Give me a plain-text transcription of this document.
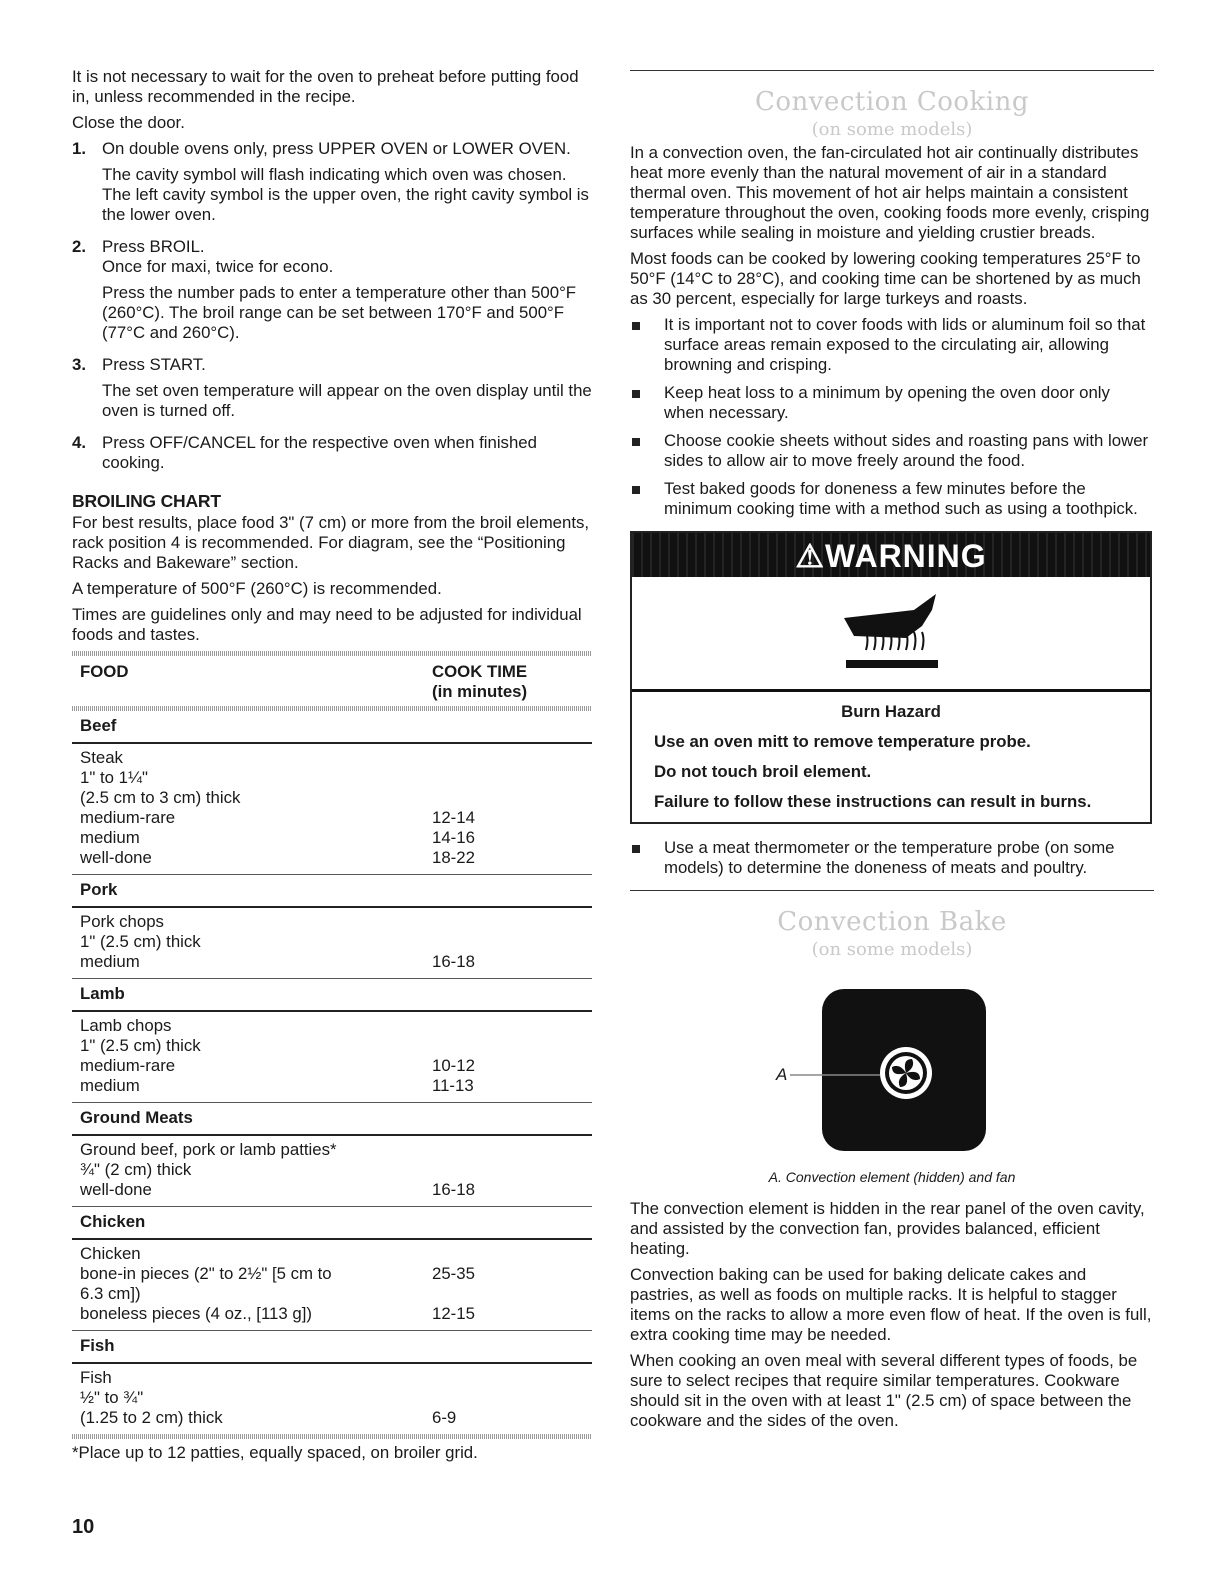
It is not necessary to wait for the oven to preheat before putting food in, unless recommended in the recipe.

Close the door.

1. On double ovens only, press UPPER OVEN or LOWER OVEN.

The cavity symbol will flash indicating which oven was chosen. The left cavity symbol is the upper oven, the right cavity symbol is the lower oven.

2. Press BROIL.
Once for maxi, twice for econo.

Press the number pads to enter a temperature other than 500°F (260°C). The broil range can be set between 170°F and 500°F (77°C and 260°C).

3. Press START.

The set oven temperature will appear on the oven display until the oven is turned off.

4. Press OFF/CANCEL for the respective oven when finished cooking.

BROILING CHART

For best results, place food 3" (7 cm) or more from the broil elements, rack position 4 is recommended. For diagram, see the “Positioning Racks and Bakeware” section.

A temperature of 500°F (260°C) is recommended.

Times are guidelines only and may need to be adjusted for individual foods and tastes.

FOOD	COOK TIME
(in minutes)
Beef
Steak
1" to 1¼"
(2.5 cm to 3 cm) thick
medium-rare	12-14
medium	14-16
well-done	18-22
Pork
Pork chops
1" (2.5 cm) thick
medium	16-18
Lamb
Lamb chops
1" (2.5 cm) thick
medium-rare	10-12
medium	11-13
Ground Meats
Ground beef, pork or lamb patties*
¾" (2 cm) thick
well-done	16-18
Chicken
Chicken
bone-in pieces (2" to 2½" [5 cm to	25-35
6.3 cm])
boneless pieces (4 oz., [113 g])	12-15
Fish
Fish
½" to ¾"
(1.25 to 2 cm) thick	6-9
*Place up to 12 patties, equally spaced, on broiler grid.
Convection Cooking
(on some models)

In a convection oven, the fan-circulated hot air continually distributes heat more evenly than the natural movement of air in a standard thermal oven. This movement of hot air helps maintain a consistent temperature throughout the oven, cooking foods more evenly, crisping surfaces while sealing in moisture and yielding crustier breads.

Most foods can be cooked by lowering cooking temperatures 25°F to 50°F (14°C to 28°C), and cooking time can be shortened by as much as 30 percent, especially for large turkeys and roasts.

It is important not to cover foods with lids or aluminum foil so that surface areas remain exposed to the circulating air, allowing browning and crisping.
Keep heat loss to a minimum by opening the oven door only when necessary.
Choose cookie sheets without sides and roasting pans with lower sides to allow air to move freely around the food.
Test baked goods for doneness a few minutes before the minimum cooking time with a method such as using a toothpick.
⚠WARNING
Burn Hazard

Use an oven mitt to remove temperature probe.

Do not touch broil element.

Failure to follow these instructions can result in burns.

Use a meat thermometer or the temperature probe (on some models) to determine the doneness of meats and poultry.
Convection Bake
(on some models)
A
A. Convection element (hidden) and fan

The convection element is hidden in the rear panel of the oven cavity, and assisted by the convection fan, provides balanced, efficient heating.

Convection baking can be used for baking delicate cakes and pastries, as well as foods on multiple racks. It is helpful to stagger items on the racks to allow a more even flow of heat. If the oven is full, extra cooking time may be needed.

When cooking an oven meal with several different types of foods, be sure to select recipes that require similar temperatures. Cookware should sit in the oven with at least 1" (2.5 cm) of space between the cookware and the sides of the oven.

10
